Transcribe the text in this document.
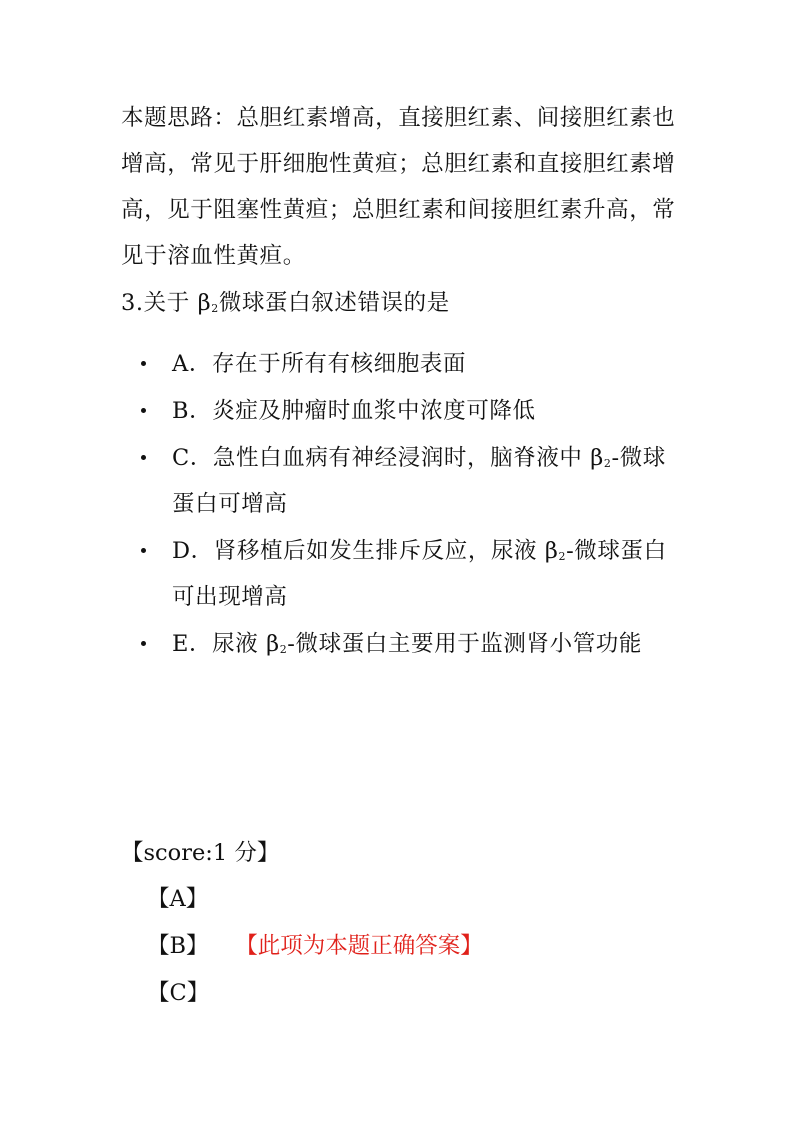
本题思路：总胆红素增高，直接胆红素、间接胆红素也增高，常见于肝细胞性黄疸；总胆红素和直接胆红素增高，见于阻塞性黄疸；总胆红素和间接胆红素升高，常见于溶血性黄疸。
3.关于 $\beta_2$微球蛋白叙述错误的是
A．存在于所有有核细胞表面
B．炎症及肿瘤时血浆中浓度可降低
C．急性白血病有神经浸润时，脑脊液中 $\beta_2-$微球蛋白可增高
D．肾移植后如发生排斥反应，尿液 $\beta_2-$微球蛋白可出现增高
E．尿液 $\beta_2-$微球蛋白主要用于监测肾小管功能
【score:1 分】
【A】
【B】 【此项为本题正确答案】
【C】
